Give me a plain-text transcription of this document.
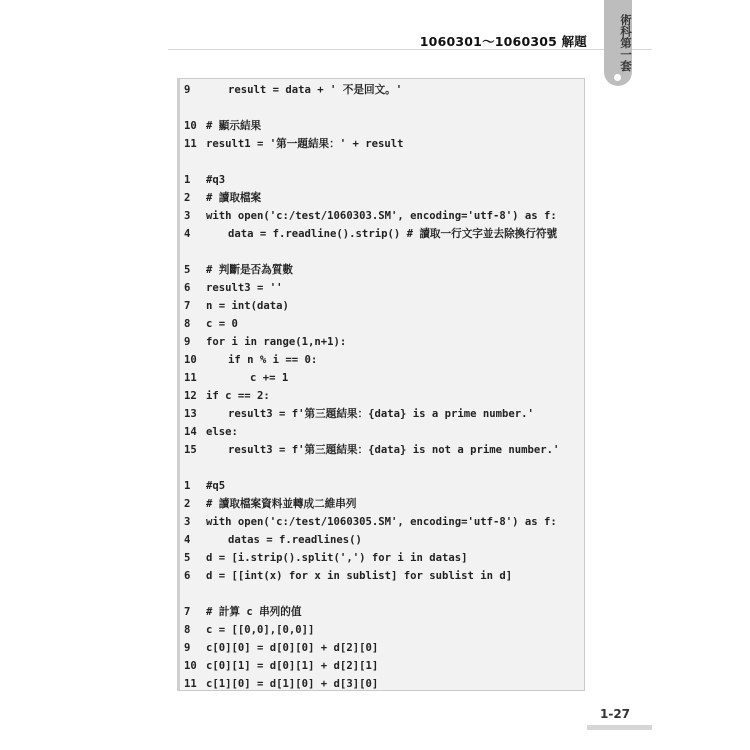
1060301～1060305 解題	術科第一套
9	result = data + ' 不是回文。'
10 # 顯示結果
11 result1 = '第一題結果：' + result
1 #q3
2 # 讀取檔案
3 with open('c:/test/1060303.SM', encoding='utf-8') as f:
4	data = f.readline().strip() # 讀取一行文字並去除換行符號
5 # 判斷是否為質數
6 result3 = ''
7 n = int(data)
8 c = 0
9 for i in range(1,n+1):
10	if n % i == 0:
11	c += 1
12 if c == 2:
13	result3 = f'第三題結果：{data} is a prime number.'
14 else:
15	result3 = f'第三題結果：{data} is not a prime number.'
1 #q5
2 # 讀取檔案資料並轉成二維串列
3 with open('c:/test/1060305.SM', encoding='utf-8') as f:
4	datas = f.readlines()
5 d = [i.strip().split(',') for i in datas]
6 d = [[int(x) for x in sublist] for sublist in d]
7 # 計算 c 串列的值
8 c = [[0,0],[0,0]]
9 c[0][0] = d[0][0] + d[2][0]
10 c[0][1] = d[0][1] + d[2][1]
11 c[1][0] = d[1][0] + d[3][0]
1-27
